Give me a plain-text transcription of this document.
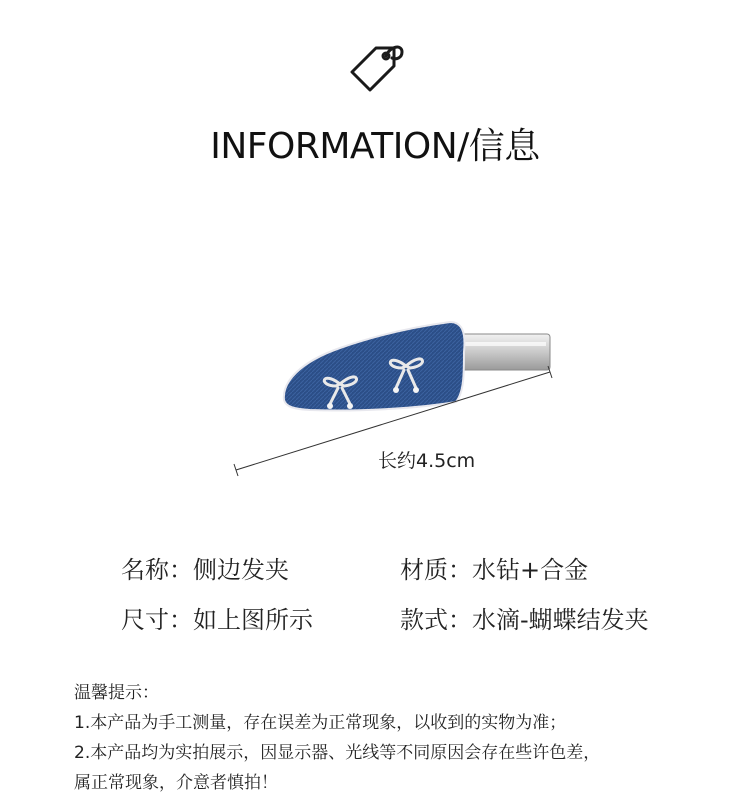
INFORMATION/信息
长约4.5cm
名称：侧边发夹	材质：水钻+合金
尺寸：如上图所示	款式：水滴-蝴蝶结发夹
温馨提示：
1.本产品为手工测量，存在误差为正常现象，以收到的实物为准；
2.本产品均为实拍展示，因显示器、光线等不同原因会存在些许色差，
属正常现象，介意者慎拍！
